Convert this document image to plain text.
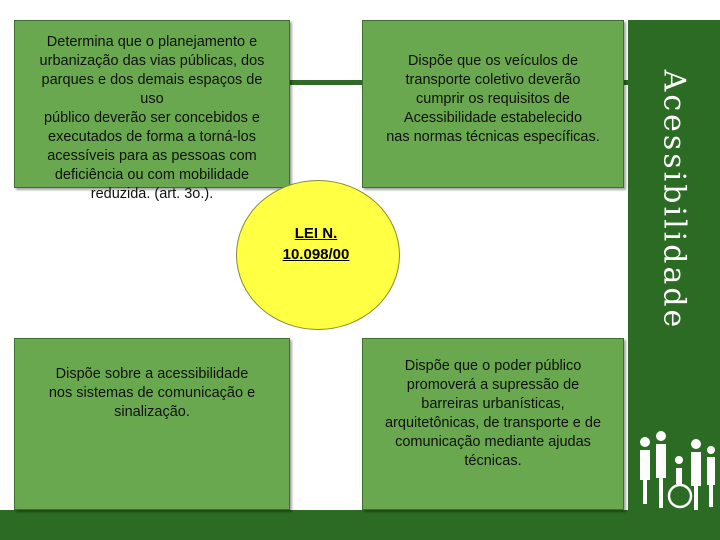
Acessibilidade
Determina que o planejamento e
urbanização das vias públicas, dos
parques e dos demais espaços de
uso
público deverão ser concebidos e
executados de forma a torná-los
acessíveis para as pessoas com
deficiência ou com mobilidade
reduzida. (art. 3o.).
Dispõe que os veículos de
transporte coletivo deverão
cumprir os requisitos de
Acessibilidade estabelecido
nas normas técnicas específicas.
Dispõe sobre a acessibilidade
nos sistemas de comunicação e
sinalização.
Dispõe que o poder público
promoverá a supressão de
barreiras urbanísticas,
arquitetônicas, de transporte e de
comunicação mediante ajudas
técnicas.
LEI N.
10.098/00
